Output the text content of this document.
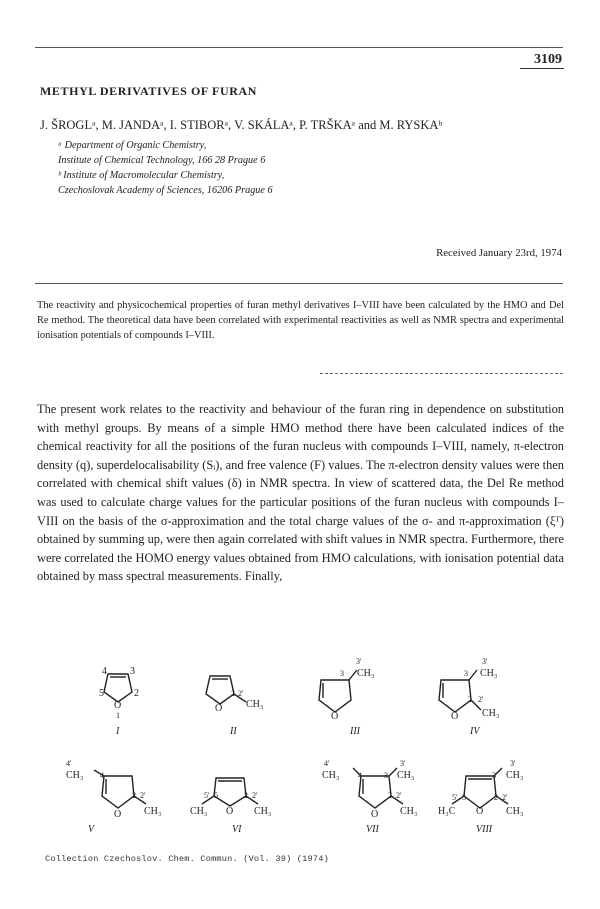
3109
METHYL DERIVATIVES OF FURAN
J. ŠROGLᵃ, M. JANDAᵃ, I. STIBORᵃ, V. SKÁLAᵃ, P. TRŠKAᵃ and M. RYSKAᵇ
ᵃ Department of Organic Chemistry,
Institute of Chemical Technology, 166 28 Prague 6
ᵇ Institute of Macromolecular Chemistry,
Czechoslovak Academy of Sciences, 16206 Prague 6
Received January 23rd, 1974
The reactivity and physicochemical properties of furan methyl derivatives I–VIII have been calculated by the HMO and Del Re method. The theoretical data have been correlated with experimental reactivities as well as NMR spectra and experimental ionisation potentials of compounds I–VIII.

The present work relates to the reactivity and behaviour of the furan ring in dependence on substitution with methyl groups. By means of a simple HMO method there have been calculated indices of the chemical reactivity for all the positions of the furan nucleus with compounds I–VIII, namely, π-electron density (q), superdelocalisability (Sᵢ), and free valence (F) values. The π-electron density values were then correlated with chemical shift values (δ) in NMR spectra. In view of scattered data, the Del Re method was used to calculate charge values for the particular positions of the furan nucleus with compounds I–VIII on the basis of the σ-approximation and the total charge values of the σ- and π-approximation (ξᵀ) obtained by summing up, were then again correlated with shift values in NMR spectra. Furthermore, there were correlated the HOMO energy values obtained from HMO calculations, with ionisation potential data obtained by mass spectral measurements. Finally,

4 3
5	2
O
1
I
O
2 2'
CH₃
II
3'
3 CH₃
O
III
3'
3 CH₃
2 2'
O CH₃
IV
4'
CH₃ 4
2 2'
O CH₃
V
5' 5	2 2'
CH₃ O CH₃
VI
4'	3'
CH₃ 4	3 CH₃
2 2'
O CH₃
VII
3'
3 CH₃
5' 5	2 2'
H₃C O CH₃
VIII
Collection Czechoslov. Chem. Commun. (Vol. 39) (1974)
